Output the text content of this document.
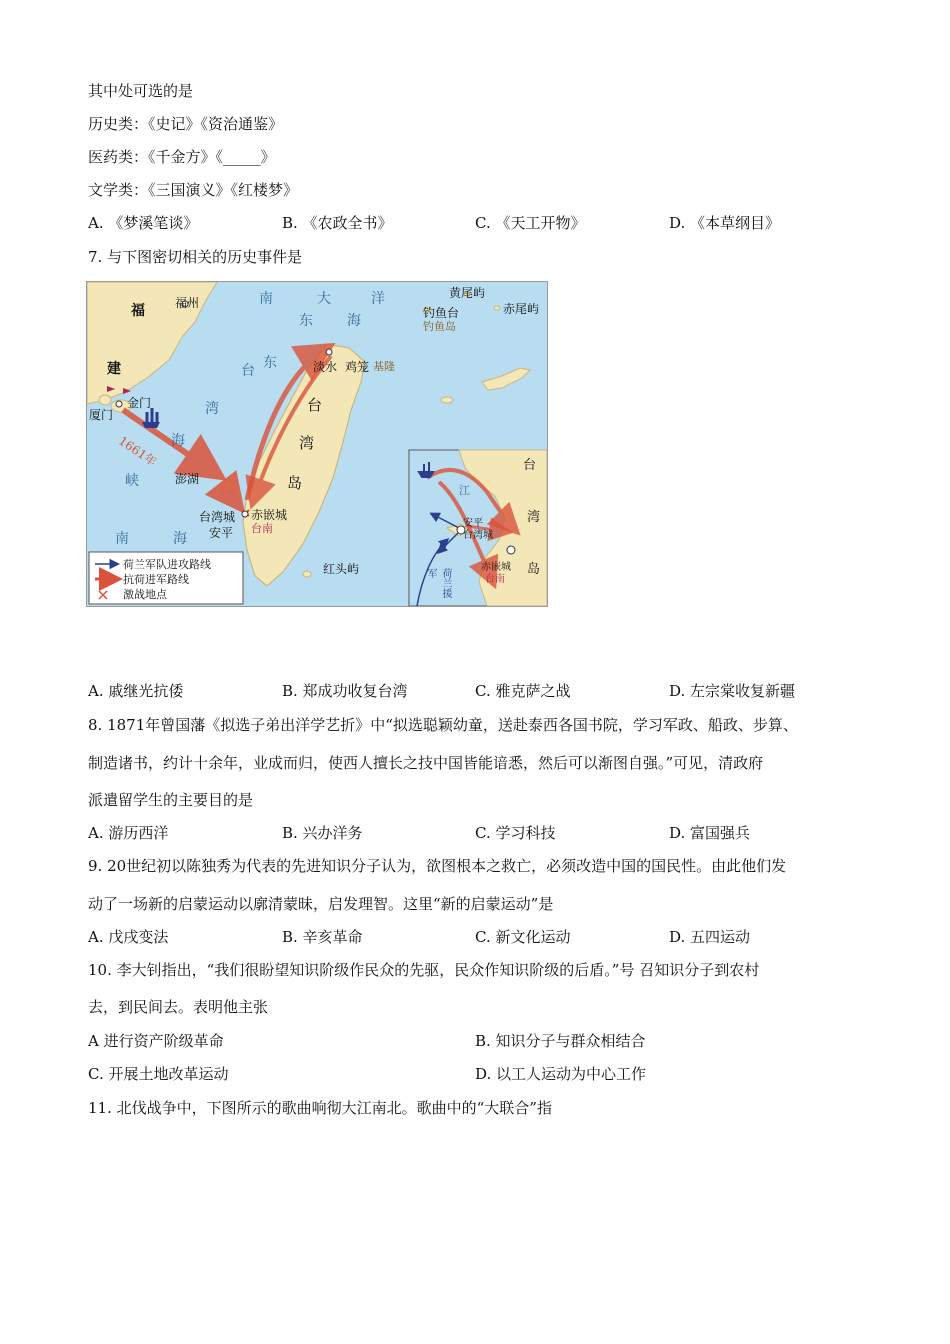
其中处可选的是
历史类：《史记》《资治通鉴》
医药类：《千金方》《_____》
文学类：《三国演义》《红楼梦》
A. 《梦溪笔谈》	B. 《农政全书》	C. 《天工开物》	D. 《本草纲目》
7. 与下图密切相关的历史事件是
福
建
福州
厦门
金门
1661年
澎湖
台湾城
安平
赤嵌城
台南
淡水 鸡笼 基隆
钓鱼台
钓鱼岛
黄尾屿
赤尾屿
红头屿
南	大	洋
东 海
东
台
湾
海
峡
南	海
台
湾
岛
台
湾
岛
江
安平
台湾城
赤嵌城
台南
荷兰援军
荷兰军队进攻路线
抗荷进军路线
激战地点
A. 戚继光抗倭	B. 郑成功收复台湾	C. 雅克萨之战	D. 左宗棠收复新疆
8. 1871年曾国藩《拟选子弟出洋学艺折》中“拟选聪颖幼童，送赴泰西各国书院，学习军政、船政、步算、
制造诸书，约计十余年，业成而归，使西人擅长之技中国皆能谙悉，然后可以渐图自强。”可见，清政府
派遣留学生的主要目的是
A. 游历西洋	B. 兴办洋务	C. 学习科技	D. 富国强兵
9. 20世纪初以陈独秀为代表的先进知识分子认为，欲图根本之救亡，必须改造中国的国民性。由此他们发
动了一场新的启蒙运动以廓清蒙昧，启发理智。这里“新的启蒙运动”是
A. 戊戌变法	B. 辛亥革命	C. 新文化运动	D. 五四运动
10. 李大钊指出，“我们很盼望知识阶级作民众的先驱，民众作知识阶级的后盾。”号 召知识分子到农村
去，到民间去。表明他主张
A 进行资产阶级革命	B. 知识分子与群众相结合
C. 开展土地改革运动	D. 以工人运动为中心工作
11. 北伐战争中，下图所示的歌曲响彻大江南北。歌曲中的“大联合”指
